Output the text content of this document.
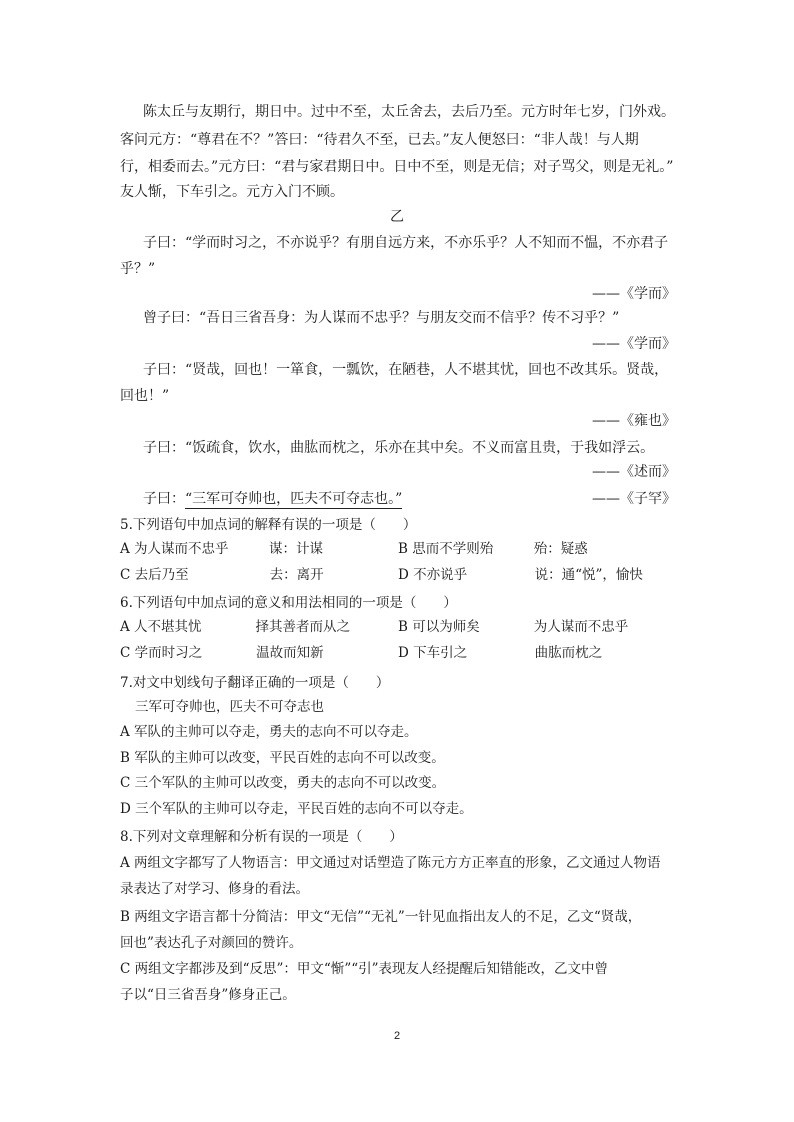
陈太丘与友期行，期日中。过中不至，太丘舍去，去后乃至。元方时年七岁，门外戏。
客问元方：“尊君在不？”答曰：“待君久不至，已去。”友人便怒曰：“非人哉！与人期
行，相委而去。”元方曰：“君与家君期日中。日中不至，则是无信；对子骂父，则是无礼。”
友人惭，下车引之。元方入门不顾。
乙
子曰：“学而时习之，不亦说乎？有朋自远方来，不亦乐乎？人不知而不愠，不亦君子
乎？”
——《学而》
曾子曰：“吾日三省吾身：为人谋而不忠乎？与朋友交而不信乎？传不习乎？”
——《学而》
子曰：“贤哉，回也！一箪食，一瓢饮，在陋巷，人不堪其忧，回也不改其乐。贤哉，
回也！”
——《雍也》
子曰：“饭疏食，饮水，曲肱而枕之，乐亦在其中矣。不义而富且贵，于我如浮云。
——《述而》
子曰：“三军可夺帅也，匹夫不可夺志也。”	——《子罕》
5.下列语句中加点词的解释有误的一项是（　　）
A 为人谋而不忠乎　　　谋：计谋	B 思而不学则殆　　　殆：疑惑
C 去后乃至　　　　　　去：离开	D 不亦说乎　　　　　说：通“悦”，愉快
6.下列语句中加点词的意义和用法相同的一项是（　　）
A 人不堪其忧　　　　择其善者而从之	B 可以为师矣　　　　为人谋而不忠乎
C 学而时习之　　　　温故而知新	D 下车引之　　　　　曲肱而枕之
7.对文中划线句子翻译正确的一项是（　　）
三军可夺帅也，匹夫不可夺志也
A 军队的主帅可以夺走，勇夫的志向不可以夺走。
B 军队的主帅可以改变，平民百姓的志向不可以改变。
C 三个军队的主帅可以改变，勇夫的志向不可以改变。
D 三个军队的主帅可以夺走，平民百姓的志向不可以夺走。
8.下列对文章理解和分析有误的一项是（　　）
A 两组文字都写了人物语言：甲文通过对话塑造了陈元方方正率直的形象，乙文通过人物语
录表达了对学习、修身的看法。
B 两组文字语言都十分简洁：甲文“无信”“无礼”一针见血指出友人的不足，乙文“贤哉，
回也”表达孔子对颜回的赞许。
C 两组文字都涉及到“反思”：甲文“惭”“引”表现友人经提醒后知错能改，乙文中曾
子以“日三省吾身”修身正己。
2
